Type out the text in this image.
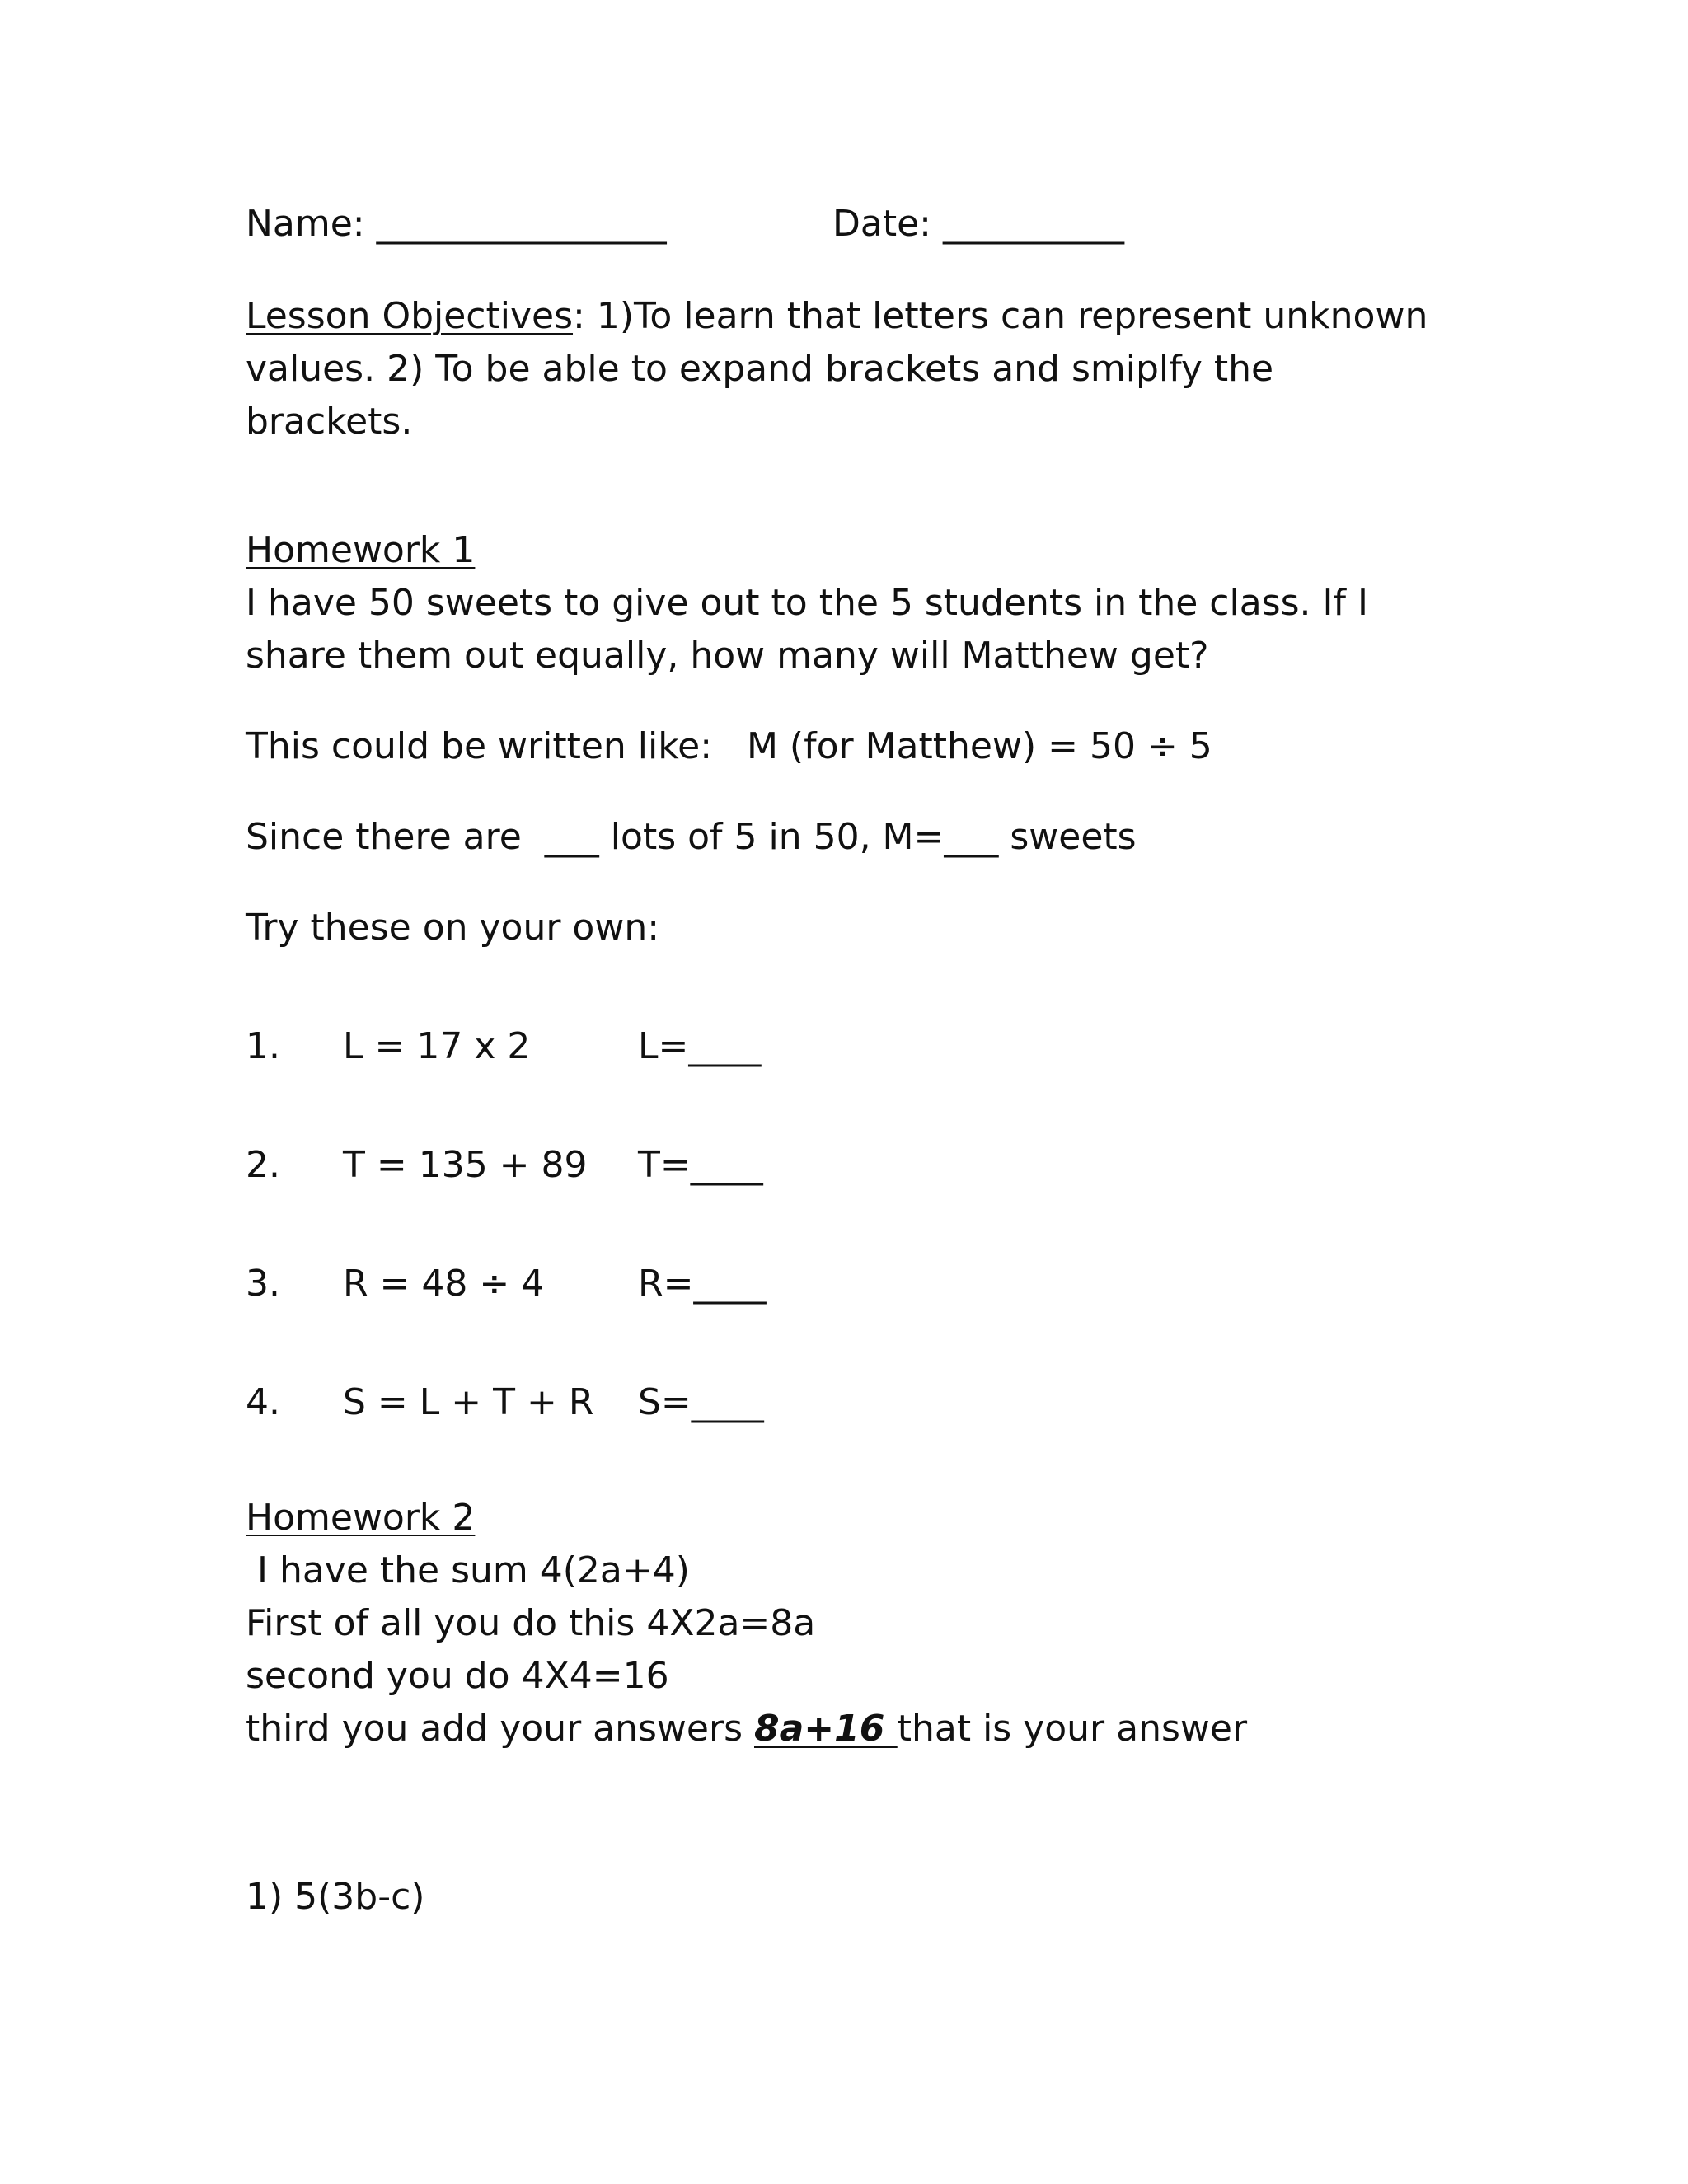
Name: ________________	Date: __________
Lesson Objectives: 1)To learn that letters can represent unknown
values. 2) To be able to expand brackets and smiplfy the
brackets.
Homework 1
I have 50 sweets to give out to the 5 students in the class. If I
share them out equally, how many will Matthew get?
This could be written like:   M (for Matthew) = 50 ÷ 5
Since there are  ___ lots of 5 in 50, M=___ sweets
Try these on your own:
1. L = 17 x 2	L=____
2. T = 135 + 89 T=____
3. R = 48 ÷ 4	R=____
4. S = L + T + R S=____
Homework 2
I have the sum 4(2a+4)
First of all you do this 4X2a=8a
second you do 4X4=16
third you add your answers 8a+16 that is your answer
1) 5(3b-c)
